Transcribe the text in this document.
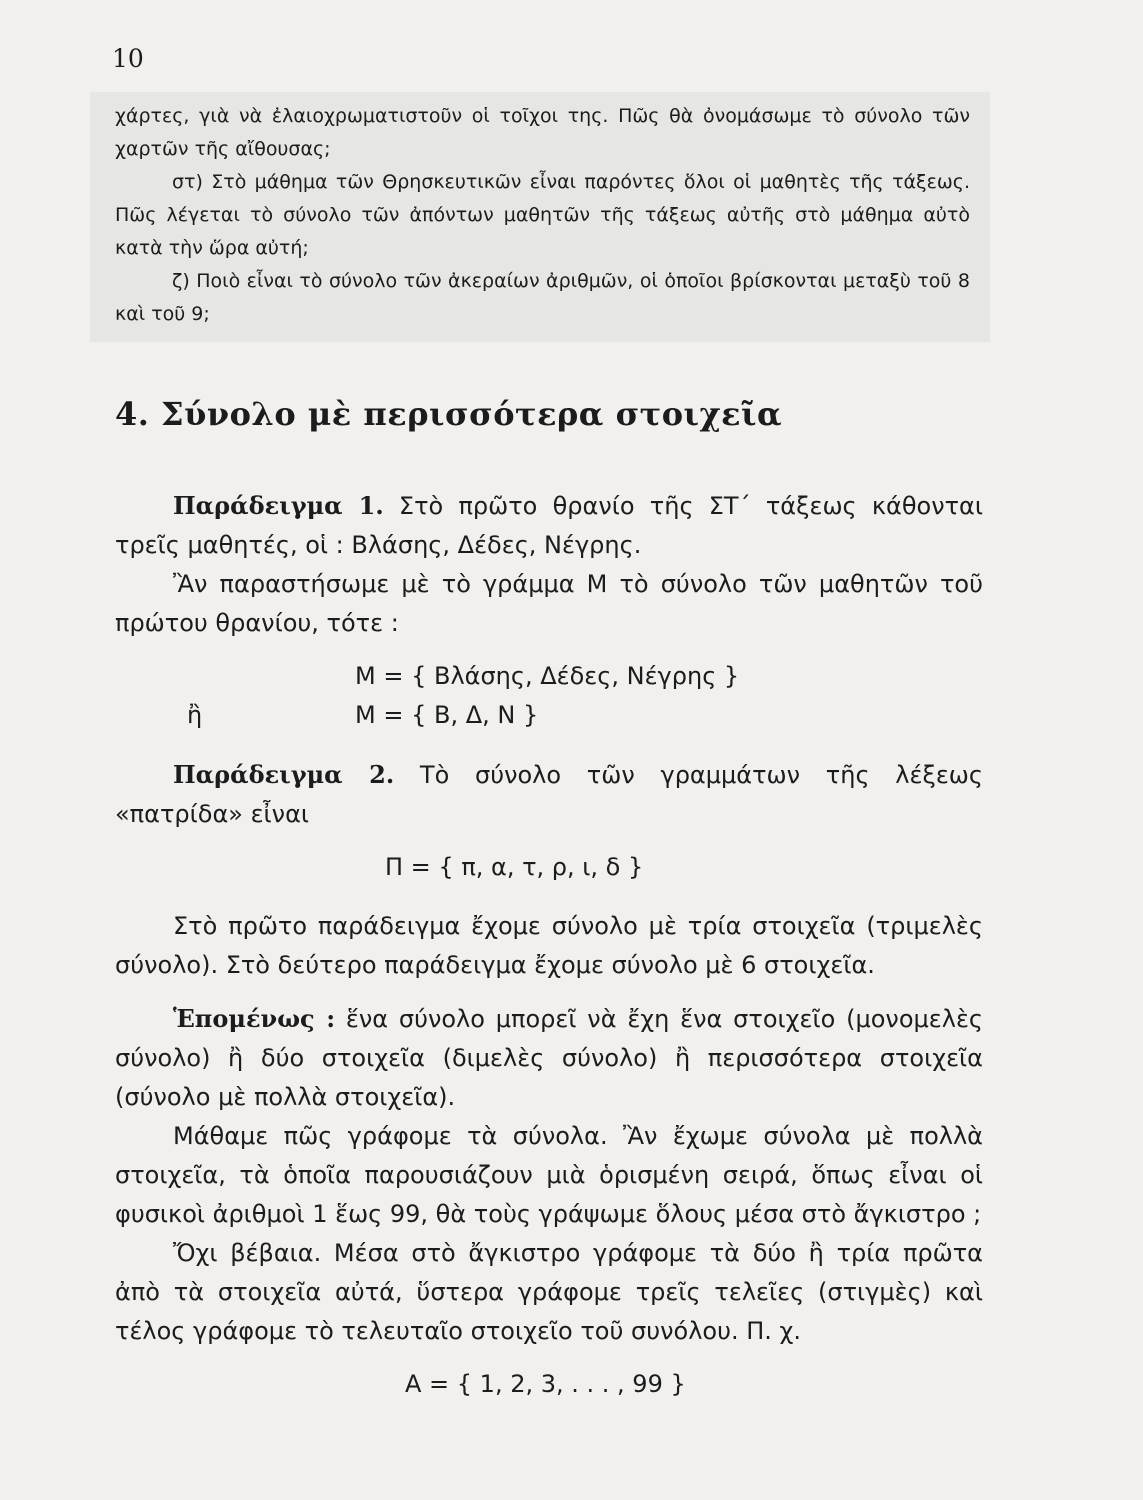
10

χάρτες, γιὰ νὰ ἐλαιοχρωματιστοῦν οἱ τοῖχοι της. Πῶς θὰ ὀνομάσωμε τὸ σύνολο τῶν χαρτῶν τῆς αἴθουσας;

στ) Στὸ μάθημα τῶν Θρησκευτικῶν εἶναι παρόντες ὅλοι οἱ μαθητὲς τῆς τάξεως. Πῶς λέγεται τὸ σύνολο τῶν ἀπόντων μαθητῶν τῆς τάξεως αὐτῆς στὸ μάθημα αὐτὸ κατὰ τὴν ὥρα αὐτή;

ζ) Ποιὸ εἶναι τὸ σύνολο τῶν ἀκεραίων ἀριθμῶν, οἱ ὁποῖοι βρίσκονται μεταξὺ τοῦ 8 καὶ τοῦ 9;

4. Σύνολο μὲ περισσότερα στοιχεῖα

Παράδειγμα 1. Στὸ πρῶτο θρανίο τῆς ΣΤ΄ τάξεως κάθονται τρεῖς μαθητές, οἱ : Βλάσης, Δέδες, Νέγρης.

Ἂν παραστήσωμε μὲ τὸ γράμμα Μ τὸ σύνολο τῶν μαθητῶν τοῦ πρώτου θρανίου, τότε :

M = { Βλάσης, Δέδες, Νέγρης }

ἢ	M = { Β, Δ, Ν }

Παράδειγμα 2. Τὸ σύνολο τῶν γραμμάτων τῆς λέξεως «πατρίδα» εἶναι

Π = { π, α, τ, ρ, ι, δ }

Στὸ πρῶτο παράδειγμα ἔχομε σύνολο μὲ τρία στοιχεῖα (τριμελὲς σύνολο). Στὸ δεύτερο παράδειγμα ἔχομε σύνολο μὲ 6 στοιχεῖα.

Ἑπομένως : ἕνα σύνολο μπορεῖ νὰ ἔχη ἕνα στοιχεῖο (μονομελὲς σύνολο) ἢ δύο στοιχεῖα (διμελὲς σύνολο) ἢ περισσότερα στοιχεῖα (σύνολο μὲ πολλὰ στοιχεῖα).

Μάθαμε πῶς γράφομε τὰ σύνολα. Ἂν ἔχωμε σύνολα μὲ πολλὰ στοιχεῖα, τὰ ὁποῖα παρουσιάζουν μιὰ ὁρισμένη σειρά, ὅπως εἶναι οἱ φυσικοὶ ἀριθμοὶ 1 ἕως 99, θὰ τοὺς γράψωμε ὅλους μέσα στὸ ἄγκιστρο ;

Ὄχι βέβαια. Μέσα στὸ ἄγκιστρο γράφομε τὰ δύο ἢ τρία πρῶτα ἀπὸ τὰ στοιχεῖα αὐτά, ὕστερα γράφομε τρεῖς τελεῖες (στιγμὲς) καὶ τέλος γράφομε τὸ τελευταῖο στοιχεῖο τοῦ συνόλου. Π. χ.

A = { 1, 2, 3, . . . , 99 }
